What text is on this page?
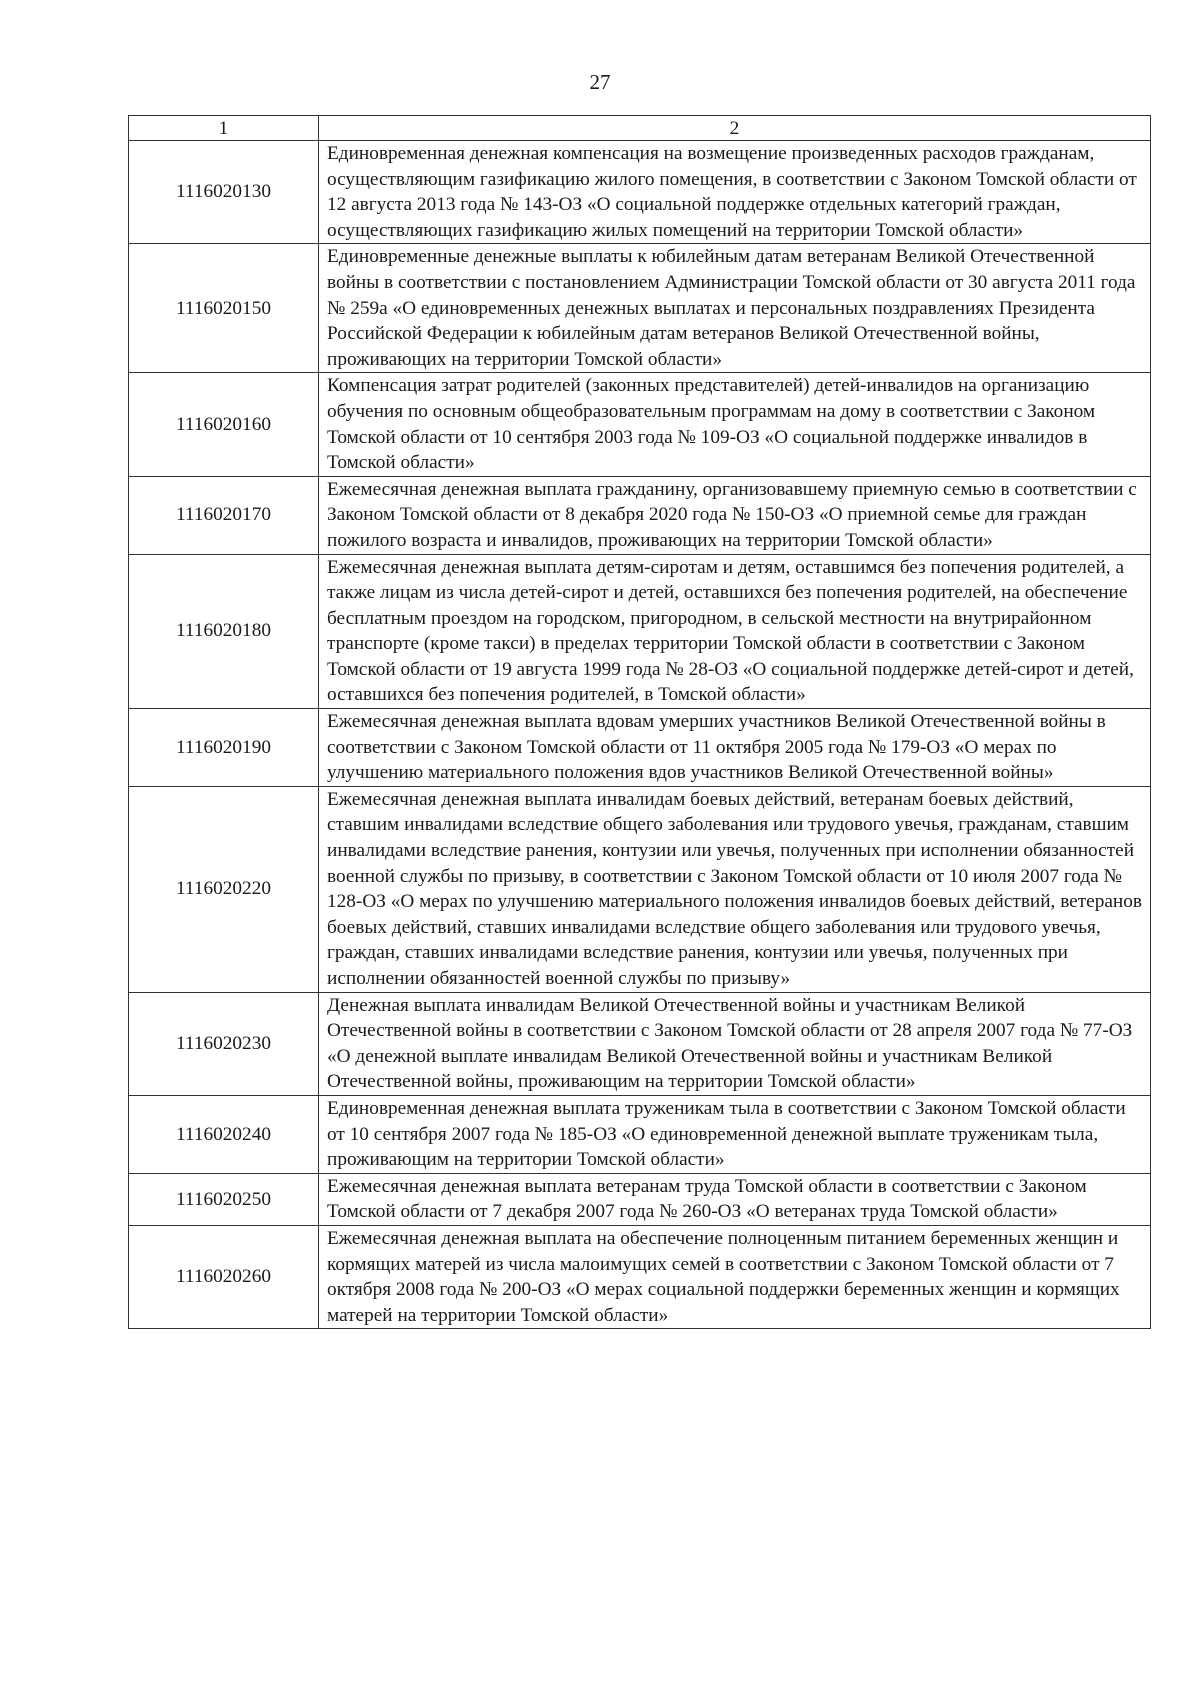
27
1	2
1116020130	Единовременная денежная компенсация на возмещение произведенных расходов гражданам, осуществляющим газификацию жилого помещения, в соответствии с Законом Томской области от 12 августа 2013 года № 143-ОЗ «О социальной поддержке отдельных категорий граждан, осуществляющих газификацию жилых помещений на территории Томской области»
1116020150	Единовременные денежные выплаты к юбилейным датам ветеранам Великой Отечественной войны в соответствии с постановлением Администрации Томской области от 30 августа 2011 года № 259а «О единовременных денежных выплатах и персональных поздравлениях Президента Российской Федерации к юбилейным датам ветеранов Великой Отечественной войны, проживающих на территории Томской области»
1116020160	Компенсация затрат родителей (законных представителей) детей-инвалидов на организацию обучения по основным общеобразовательным программам на дому в соответствии с Законом Томской области от 10 сентября 2003 года № 109-ОЗ «О социальной поддержке инвалидов в Томской области»
1116020170	Ежемесячная денежная выплата гражданину, организовавшему приемную семью в соответствии с Законом Томской области от 8 декабря 2020 года № 150-ОЗ «О приемной семье для граждан пожилого возраста и инвалидов, проживающих на территории Томской области»
1116020180	Ежемесячная денежная выплата детям-сиротам и детям, оставшимся без попечения родителей, а также лицам из числа детей-сирот и детей, оставшихся без попечения родителей, на обеспечение бесплатным проездом на городском, пригородном, в сельской местности на внутрирайонном транспорте (кроме такси) в пределах территории Томской области в соответствии с Законом Томской области от 19 августа 1999 года № 28-ОЗ «О социальной поддержке детей-сирот и детей, оставшихся без попечения родителей, в Томской области»
1116020190	Ежемесячная денежная выплата вдовам умерших участников Великой Отечественной войны в соответствии с Законом Томской области от 11 октября 2005 года № 179-ОЗ «О мерах по улучшению материального положения вдов участников Великой Отечественной войны»
1116020220	Ежемесячная денежная выплата инвалидам боевых действий, ветеранам боевых действий, ставшим инвалидами вследствие общего заболевания или трудового увечья, гражданам, ставшим инвалидами вследствие ранения, контузии или увечья, полученных при исполнении обязанностей военной службы по призыву, в соответствии с Законом Томской области от 10 июля 2007 года № 128-ОЗ «О мерах по улучшению материального положения инвалидов боевых действий, ветеранов боевых действий, ставших инвалидами вследствие общего заболевания или трудового увечья, граждан, ставших инвалидами вследствие ранения, контузии или увечья, полученных при исполнении обязанностей военной службы по призыву»
1116020230	Денежная выплата инвалидам Великой Отечественной войны и участникам Великой Отечественной войны в соответствии с Законом Томской области от 28 апреля 2007 года № 77-ОЗ «О денежной выплате инвалидам Великой Отечественной войны и участникам Великой Отечественной войны, проживающим на территории Томской области»
1116020240	Единовременная денежная выплата труженикам тыла в соответствии с Законом Томской области от 10 сентября 2007 года № 185-ОЗ «О единовременной денежной выплате труженикам тыла, проживающим на территории Томской области»
1116020250	Ежемесячная денежная выплата ветеранам труда Томской области в соответствии с Законом Томской области от 7 декабря 2007 года № 260-ОЗ «О ветеранах труда Томской области»
1116020260	Ежемесячная денежная выплата на обеспечение полноценным питанием беременных женщин и кормящих матерей из числа малоимущих семей в соответствии с Законом Томской области от 7 октября 2008 года № 200-ОЗ «О мерах социальной поддержки беременных женщин и кормящих матерей на территории Томской области»
